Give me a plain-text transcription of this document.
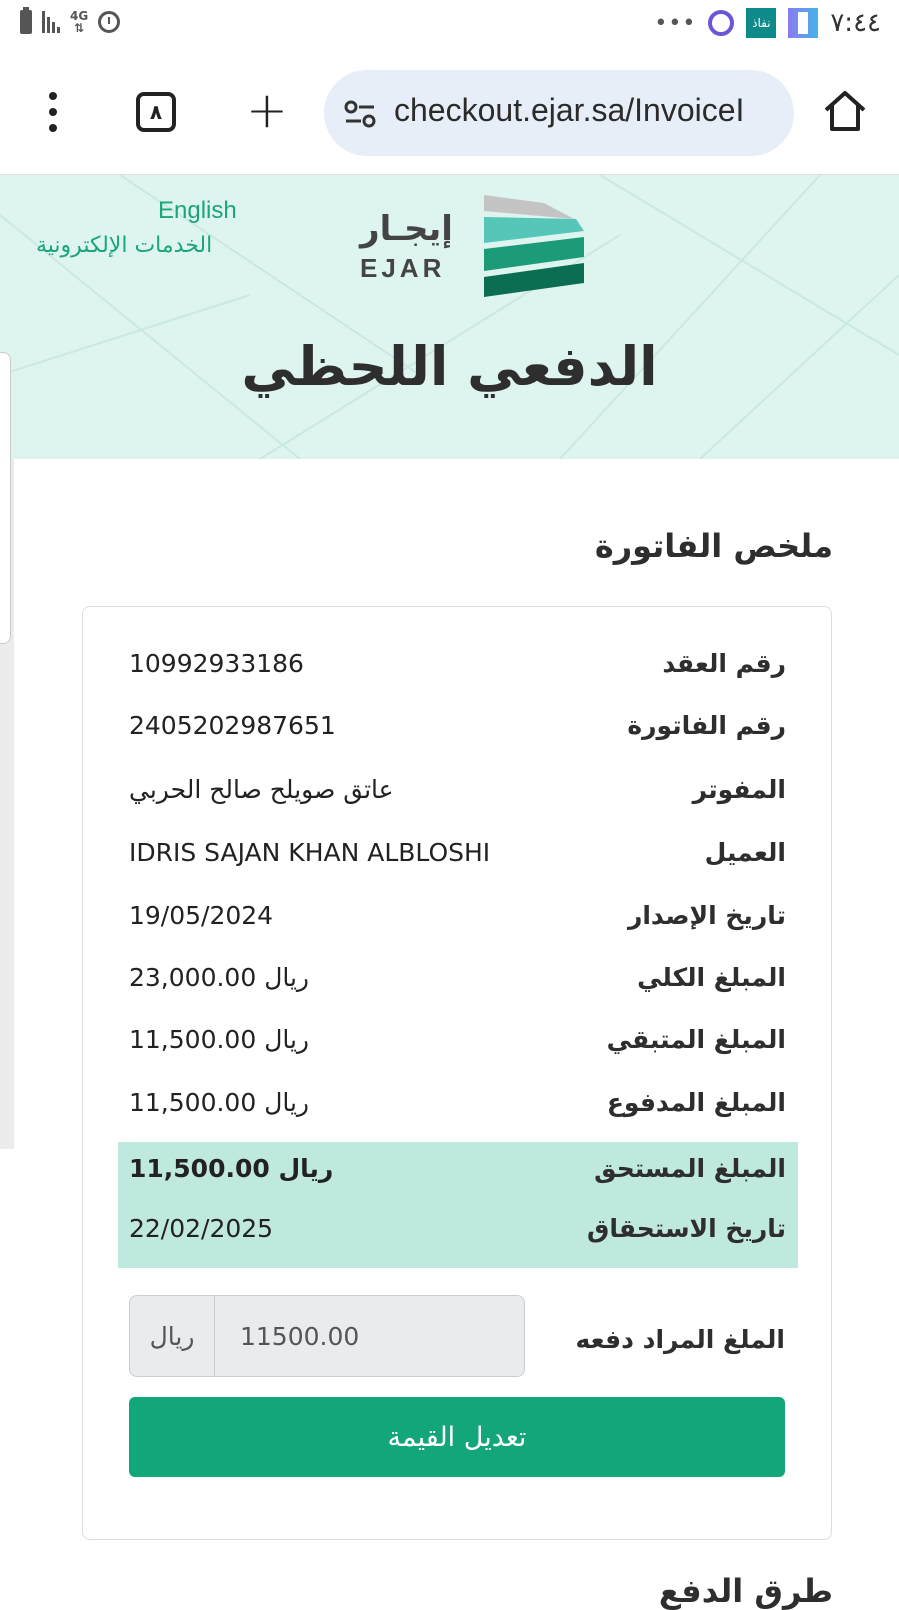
4G
⇅	•••	نفاذ ٧:٤٤
٨ +	checkout.ejar.sa/InvoiceI
English
الخدمات الإلكترونية	إيجـار
EJAR
الدفعي اللحظي
ملخص الفاتورة
رقم العقد
10992933186
رقم الفاتورة
2405202987651
المفوتر
عاتق صويلح صالح الحربي
العميل
IDRIS SAJAN KHAN ALBLOSHI
تاريخ الإصدار
19/05/2024
المبلغ الكلي
23,000.00 ريال
المبلغ المتبقي
11,500.00 ريال
المبلغ المدفوع
11,500.00 ريال
المبلغ المستحق
11,500.00 ريال
تاريخ الاستحقاق
22/02/2025
الملغ المراد دفعه
ريال
11500.00
تعديل القيمة
طرق الدفع
